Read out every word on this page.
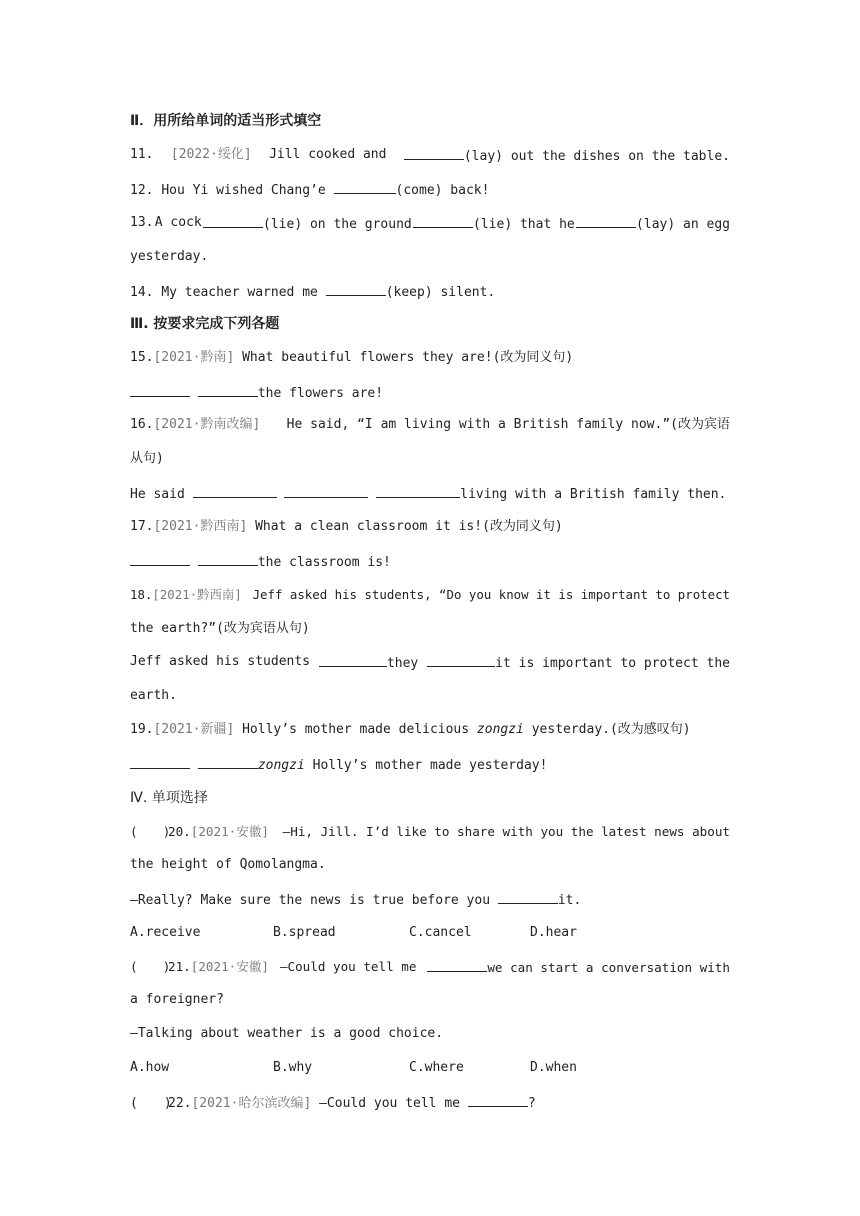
Ⅱ．用所给单词的适当形式填空
11. [2022·绥化] Jill cooked and	(lay) out the dishes on the table.
12. Hou Yi wished Chang’e	(come) back!
13. A cock	(lie) on the ground	(lie) that he	(lay) an egg
yesterday.
14. My teacher warned me	(keep) silent.
Ⅲ. 按要求完成下列各题
15.[2021·黔南] What beautiful flowers they are!(改为同义句)
the flowers are!
16.[2021·黔南改编] He said, “I am living with a British family now.”(改为宾语
从句)
He said	living with a British family then.
17.[2021·黔西南] What a clean classroom it is!(改为同义句)
the classroom is!
18.[2021·黔西南] Jeff asked his students, “Do you know it is important to protect
the earth?”(改为宾语从句)
Jeff asked his students	they	it is important to protect the
earth.
19.[2021·新疆] Holly’s mother made delicious zongzi yesterday.(改为感叹句)
zongzi Holly’s mother made yesterday!
Ⅳ. 单项选择
(　　)20.[2021·安徽] —Hi, Jill. I’d like to share with you the latest news about
the height of Qomolangma.
—Really? Make sure the news is true before you	it.
A.receive	B.spread	C.cancel	D.hear
(　　)21.[2021·安徽] —Could you tell me	we can start a conversation with
a foreigner?
—Talking about weather is a good choice.
A.how	B.why	C.where	D.when
(　　)22.[2021·哈尔滨改编] —Could you tell me	?
